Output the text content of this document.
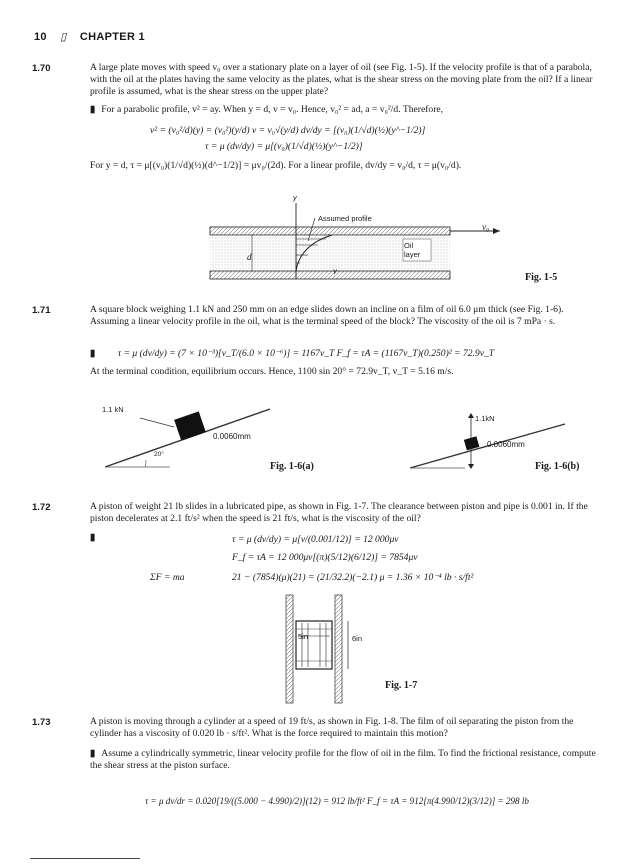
10 ▯ CHAPTER 1
1.70	A large plate moves with speed v₀ over a stationary plate on a layer of oil (see Fig. 1-5). If the velocity profile is that of a parabola, with the oil at the plates having the same velocity as the plates, what is the shear stress on the moving plate from the oil? If a linear profile is assumed, what is the shear stress on the upper plate?
▮ For a parabolic profile, v² = ay. When y = d, v = v₀. Hence, v₀² = ad, a = v₀²/d. Therefore,
v² = (v₀²/d)(y) = (v₀²)(y/d) v = v₀√(y/d) dv/dy = [(v₀)(1/√d)(½)(y^−1/2)]
τ = μ (dv/dy) = μ[(v₀)(1/√d)(½)(y^−1/2)]
For y = d, τ = μ[(v₀)(1/√d)(½)(d^−1/2)] = μv₀/(2d). For a linear profile, dv/dy = v₀/d, τ = μ(v₀/d).
y
Assumed profile
v₀
d
Oil
layer
v
Fig. 1-5
1.71	A square block weighing 1.1 kN and 250 mm on an edge slides down an incline on a film of oil 6.0 μm thick (see Fig. 1-6). Assuming a linear velocity profile in the oil, what is the terminal speed of the block? The viscosity of the oil is 7 mPa · s.
▮ τ = μ (dv/dy) = (7 × 10⁻³)[v_T/(6.0 × 10⁻⁶)] = 1167v_T F_f = τA = (1167v_T)(0.250)² = 72.9v_T
At the terminal condition, equilibrium occurs. Hence, 1100 sin 20° = 72.9v_T, v_T = 5.16 m/s.
1.1 kN
0.0060mm
20°
Fig. 1-6(a)
1.1kN
0.0060mm
Fig. 1-6(b)
1.72	A piston of weight 21 lb slides in a lubricated pipe, as shown in Fig. 1-7. The clearance between piston and pipe is 0.001 in. If the piston decelerates at 2.1 ft/s² when the speed is 21 ft/s, what is the viscosity of the oil?
▮	τ = μ (dv/dy) = μ[v/(0.001/12)] = 12 000μv
F_f = τA = 12 000μv[(π)(5/12)(6/12)] = 7854μv
ΣF = ma	21 − (7854)(μ)(21) = (21/32.2)(−2.1) μ = 1.36 × 10⁻⁴ lb · s/ft²
6in
5in
Fig. 1-7
1.73	A piston is moving through a cylinder at a speed of 19 ft/s, as shown in Fig. 1-8. The film of oil separating the piston from the cylinder has a viscosity of 0.020 lb · s/ft². What is the force required to maintain this motion?
▮ Assume a cylindrically symmetric, linear velocity profile for the flow of oil in the film. To find the frictional resistance, compute the shear stress at the piston surface.
τ = μ dv/dr = 0.020[19/((5.000 − 4.990)/2)](12) = 912 lb/ft² F_f = τA = 912[π(4.990/12)(3/12)] = 298 lb
